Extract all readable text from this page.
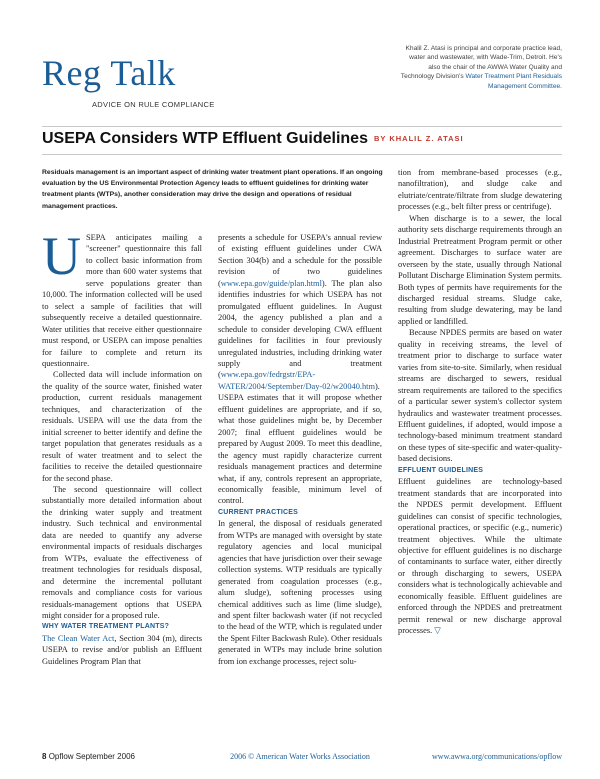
Reg Talk
ADVICE ON RULE COMPLIANCE
Khalil Z. Atasi is principal and corporate practice lead, water and wastewater, with Wade-Trim, Detroit. He's also the chair of the AWWA Water Quality and Technology Division's Water Treatment Plant Residuals Management Committee.
USEPA Considers WTP Effluent Guidelines BY KHALIL Z. ATASI
Residuals management is an important aspect of drinking water treatment plant operations. If an ongoing evaluation by the US Environmental Protection Agency leads to effluent guidelines for drinking water treatment plants (WTPs), another consideration may drive the design and operations of residual management practices.

USEPA anticipates mailing a "screener" questionnaire this fall to collect basic information from more than 600 water systems that serve populations greater than 10,000. The information collected will be used to select a sample of facilities that will subsequently receive a detailed questionnaire. Water utilities that receive either questionnaire must respond, or USEPA can impose penalties for failure to complete and return its questionnaire.

Collected data will include information on the quality of the source water, finished water production, current residuals management techniques, and characterization of the residuals. USEPA will use the data from the initial screener to better identify and define the target population that generates residuals as a result of water treatment and to select the facilities to receive the detailed questionnaire for the second phase.

The second questionnaire will collect substantially more detailed information about the drinking water supply and treatment industry. Such technical and environmental data are needed to quantify any adverse environmental impacts of residuals discharges from WTPs, evaluate the effectiveness of treatment technologies for residuals disposal, and determine the incremental pollutant removals and compliance costs for various residuals-management options that USEPA might consider for a proposed rule.

WHY WATER TREATMENT PLANTS?

The Clean Water Act, Section 304 (m), directs USEPA to revise and/or publish an Effluent Guidelines Program Plan that

presents a schedule for USEPA's annual review of existing effluent guidelines under CWA Section 304(b) and a schedule for the possible revision of two guidelines (www.epa.gov/guide/plan.html). The plan also identifies industries for which USEPA has not promulgated effluent guidelines. In August 2004, the agency published a plan and a schedule to consider developing CWA effluent guidelines for facilities in four previously unregulated industries, including drinking water supply and treatment (www.epa.gov/fedrgstr/EPA-WATER/2004/September/Day-02/w20040.htm). USEPA estimates that it will propose whether effluent guidelines are appropriate, and if so, what those guidelines might be, by December 2007; final effluent guidelines would be prepared by August 2009. To meet this deadline, the agency must rapidly characterize current residuals management practices and determine what, if any, controls represent an appropriate, economically feasible, minimum level of control.

CURRENT PRACTICES

In general, the disposal of residuals generated from WTPs are managed with oversight by state regulatory agencies and local municipal agencies that have jurisdiction over their sewage collection systems. WTP residuals are typically generated from coagulation processes (e.g., alum sludge), softening processes using chemical additives such as lime (lime sludge), and spent filter backwash water (if not recycled to the head of the WTP, which is regulated under the Spent Filter Backwash Rule). Other residuals generated in WTPs may include brine solution from ion exchange processes, reject solu-

tion from membrane-based processes (e.g., nanofiltration), and sludge cake and elutriate/centrate/filtrate from sludge dewatering processes (e.g., belt filter press or centrifuge).

When discharge is to a sewer, the local authority sets discharge requirements through an Industrial Pretreatment Program permit or other agreement. Discharges to surface water are overseen by the state, usually through National Pollutant Discharge Elimination System permits. Both types of permits have requirements for the discharged residual streams. Sludge cake, resulting from sludge dewatering, may be land applied or landfilled.

Because NPDES permits are based on water quality in receiving streams, the level of treatment prior to discharge to surface water varies from site-to-site. Similarly, when residual streams are discharged to sewers, residual stream requirements are tailored to the specifics of a particular sewer system's collector system hydraulics and wastewater treatment processes. Effluent guidelines, if adopted, would impose a technology-based minimum treatment standard on these types of site-specific and water-quality-based decisions.

EFFLUENT GUIDELINES

Effluent guidelines are technology-based treatment standards that are incorporated into the NPDES permit development. Effluent guidelines can consist of specific technologies, operational practices, or specific (e.g., numeric) treatment objectives. While the ultimate objective for effluent guidelines is no discharge of contaminants to surface water, either directly or through discharging to sewers, USEPA considers what is technologically achievable and economically feasible. Effluent guidelines are enforced through the NPDES and pretreatment permit renewal or new discharge approval processes. ▽

8 Opflow September 2006	2006 © American Water Works Association	www.awwa.org/communications/opflow
